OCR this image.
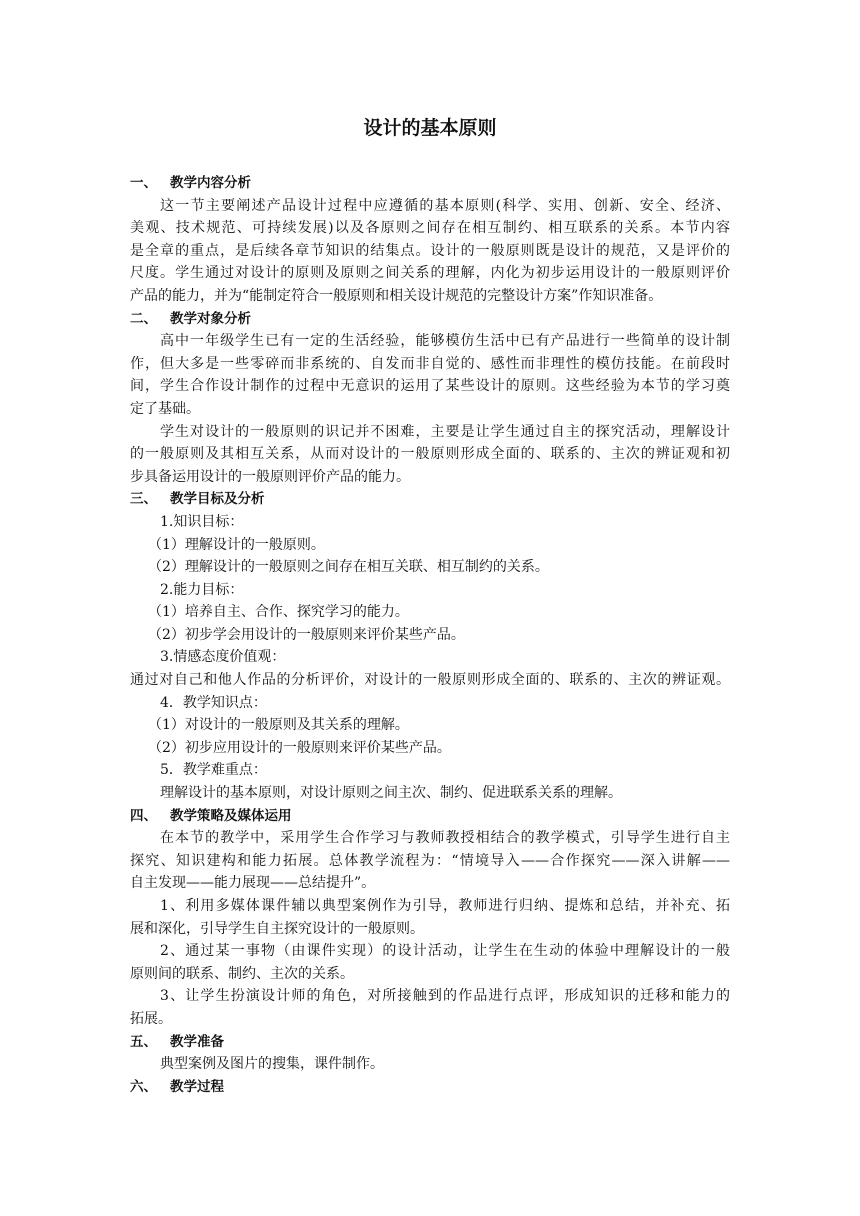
设计的基本原则
一、 教学内容分析
这一节主要阐述产品设计过程中应遵循的基本原则(科学、实用、创新、安全、经济、
美观、技术规范、可持续发展)以及各原则之间存在相互制约、相互联系的关系。本节内容
是全章的重点，是后续各章节知识的结集点。设计的一般原则既是设计的规范，又是评价的
尺度。学生通过对设计的原则及原则之间关系的理解，内化为初步运用设计的一般原则评价
产品的能力，并为“能制定符合一般原则和相关设计规范的完整设计方案”作知识准备。
二、 教学对象分析
高中一年级学生已有一定的生活经验，能够模仿生活中已有产品进行一些简单的设计制
作，但大多是一些零碎而非系统的、自发而非自觉的、感性而非理性的模仿技能。在前段时
间，学生合作设计制作的过程中无意识的运用了某些设计的原则。这些经验为本节的学习奠
定了基础。
学生对设计的一般原则的识记并不困难，主要是让学生通过自主的探究活动，理解设计
的一般原则及其相互关系，从而对设计的一般原则形成全面的、联系的、主次的辨证观和初
步具备运用设计的一般原则评价产品的能力。
三、 教学目标及分析
1.知识目标：
（1）理解设计的一般原则。
（2）理解设计的一般原则之间存在相互关联、相互制约的关系。
2.能力目标：
（1）培养自主、合作、探究学习的能力。
（2）初步学会用设计的一般原则来评价某些产品。
3.情感态度价值观：
通过对自己和他人作品的分析评价，对设计的一般原则形成全面的、联系的、主次的辨证观。
4．教学知识点：
（1）对设计的一般原则及其关系的理解。
（2）初步应用设计的一般原则来评价某些产品。
5．教学难重点：
理解设计的基本原则，对设计原则之间主次、制约、促进联系关系的理解。
四、 教学策略及媒体运用
在本节的教学中，采用学生合作学习与教师教授相结合的教学模式，引导学生进行自主
探究、知识建构和能力拓展。总体教学流程为：“情境导入——合作探究——深入讲解——
自主发现——能力展现——总结提升”。
1、利用多媒体课件辅以典型案例作为引导，教师进行归纳、提炼和总结，并补充、拓
展和深化，引导学生自主探究设计的一般原则。
2、通过某一事物（由课件实现）的设计活动，让学生在生动的体验中理解设计的一般
原则间的联系、制约、主次的关系。
3、让学生扮演设计师的角色，对所接触到的作品进行点评，形成知识的迁移和能力的
拓展。
五、 教学准备
典型案例及图片的搜集，课件制作。
六、 教学过程
